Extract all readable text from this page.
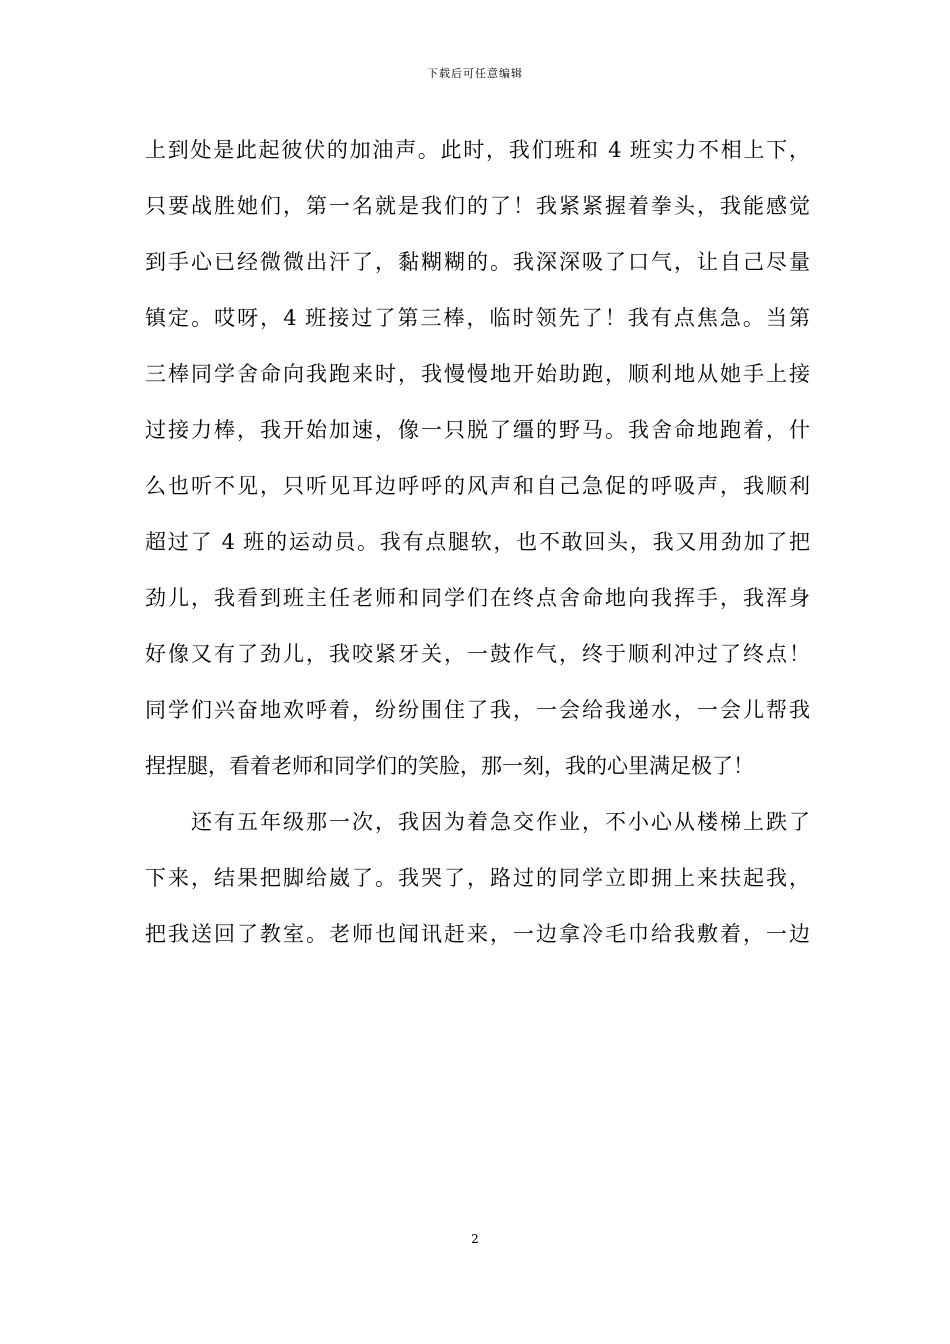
下载后可任意编辑
上到处是此起彼伏的加油声。此时，我们班和 4 班实力不相上下，
只要战胜她们，第一名就是我们的了！我紧紧握着拳头，我能感觉
到手心已经微微出汗了，黏糊糊的。我深深吸了口气，让自己尽量
镇定。哎呀，4 班接过了第三棒，临时领先了！我有点焦急。当第
三棒同学舍命向我跑来时，我慢慢地开始助跑，顺利地从她手上接
过接力棒，我开始加速，像一只脱了缰的野马。我舍命地跑着，什
么也听不见，只听见耳边呼呼的风声和自己急促的呼吸声，我顺利
超过了 4 班的运动员。我有点腿软，也不敢回头，我又用劲加了把
劲儿，我看到班主任老师和同学们在终点舍命地向我挥手，我浑身
好像又有了劲儿，我咬紧牙关，一鼓作气，终于顺利冲过了终点！
同学们兴奋地欢呼着，纷纷围住了我，一会给我递水，一会儿帮我
捏捏腿，看着老师和同学们的笑脸，那一刻，我的心里满足极了！
还有五年级那一次，我因为着急交作业，不小心从楼梯上跌了
下来，结果把脚给崴了。我哭了，路过的同学立即拥上来扶起我，
把我送回了教室。老师也闻讯赶来，一边拿冷毛巾给我敷着，一边
2
